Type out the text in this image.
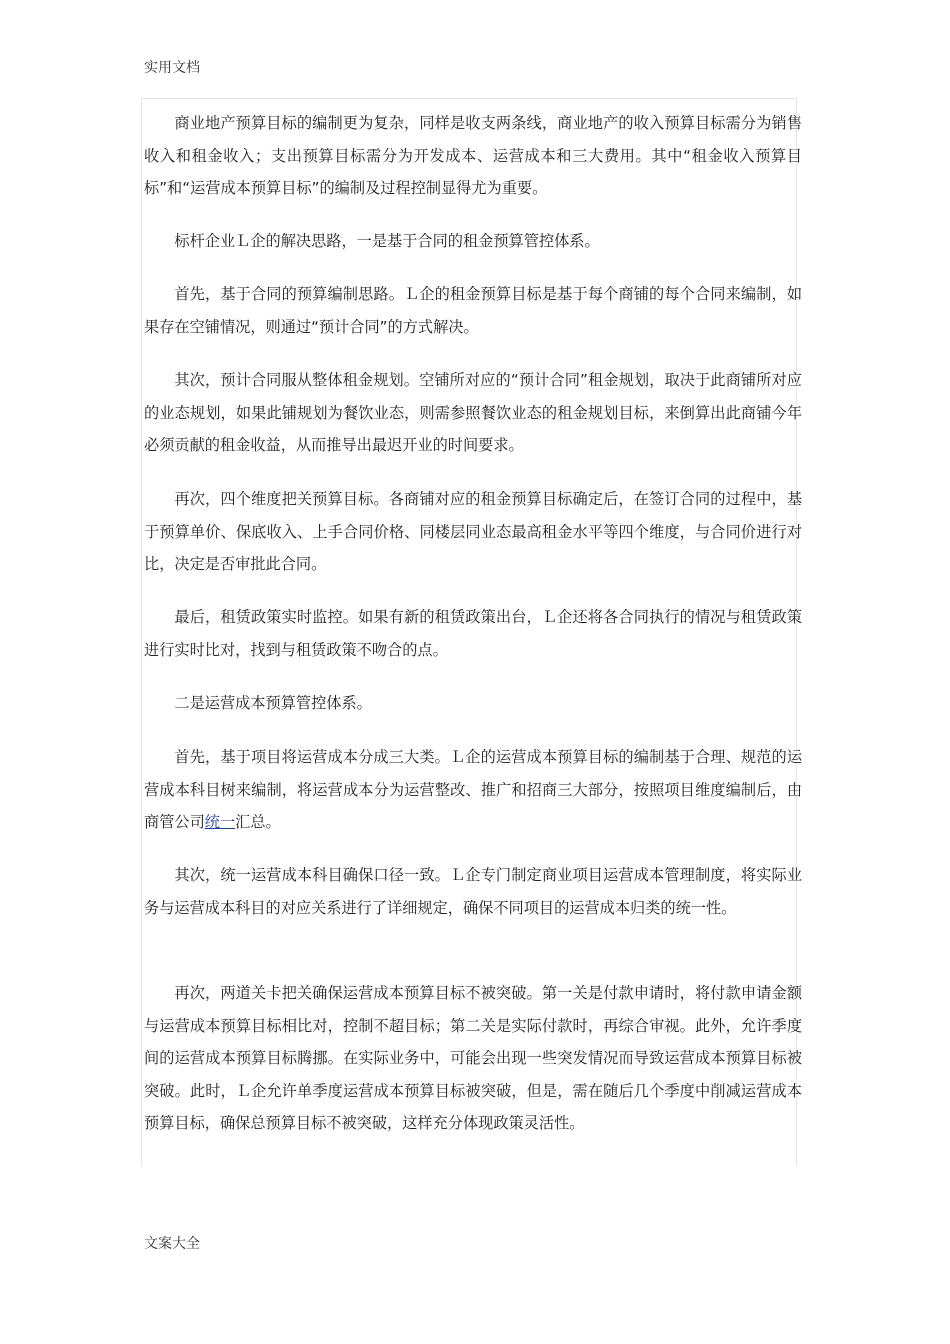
实用文档

商业地产预算目标的编制更为复杂，同样是收支两条线，商业地产的收入预算目标需分为销售收入和租金收入；支出预算目标需分为开发成本、运营成本和三大费用。其中“租金收入预算目标”和“运营成本预算目标”的编制及过程控制显得尤为重要。

标杆企业Ｌ企的解决思路，一是基于合同的租金预算管控体系。

首先，基于合同的预算编制思路。Ｌ企的租金预算目标是基于每个商铺的每个合同来编制，如果存在空铺情况，则通过“预计合同”的方式解决。

其次，预计合同服从整体租金规划。空铺所对应的“预计合同”租金规划，取决于此商铺所对应的业态规划，如果此铺规划为餐饮业态，则需参照餐饮业态的租金规划目标，来倒算出此商铺今年必须贡献的租金收益，从而推导出最迟开业的时间要求。

再次，四个维度把关预算目标。各商铺对应的租金预算目标确定后，在签订合同的过程中，基于预算单价、保底收入、上手合同价格、同楼层同业态最高租金水平等四个维度，与合同价进行对比，决定是否审批此合同。

最后，租赁政策实时监控。如果有新的租赁政策出台，Ｌ企还将各合同执行的情况与租赁政策进行实时比对，找到与租赁政策不吻合的点。

二是运营成本预算管控体系。

首先，基于项目将运营成本分成三大类。Ｌ企的运营成本预算目标的编制基于合理、规范的运营成本科目树来编制，将运营成本分为运营整改、推广和招商三大部分，按照项目维度编制后，由商管公司统一汇总。

其次，统一运营成本科目确保口径一致。Ｌ企专门制定商业项目运营成本管理制度，将实际业务与运营成本科目的对应关系进行了详细规定，确保不同项目的运营成本归类的统一性。

再次，两道关卡把关确保运营成本预算目标不被突破。第一关是付款申请时，将付款申请金额与运营成本预算目标相比对，控制不超目标；第二关是实际付款时，再综合审视。此外，允许季度间的运营成本预算目标腾挪。在实际业务中，可能会出现一些突发情况而导致运营成本预算目标被突破。此时，Ｌ企允许单季度运营成本预算目标被突破，但是，需在随后几个季度中削减运营成本预算目标，确保总预算目标不被突破，这样充分体现政策灵活性。

文案大全
